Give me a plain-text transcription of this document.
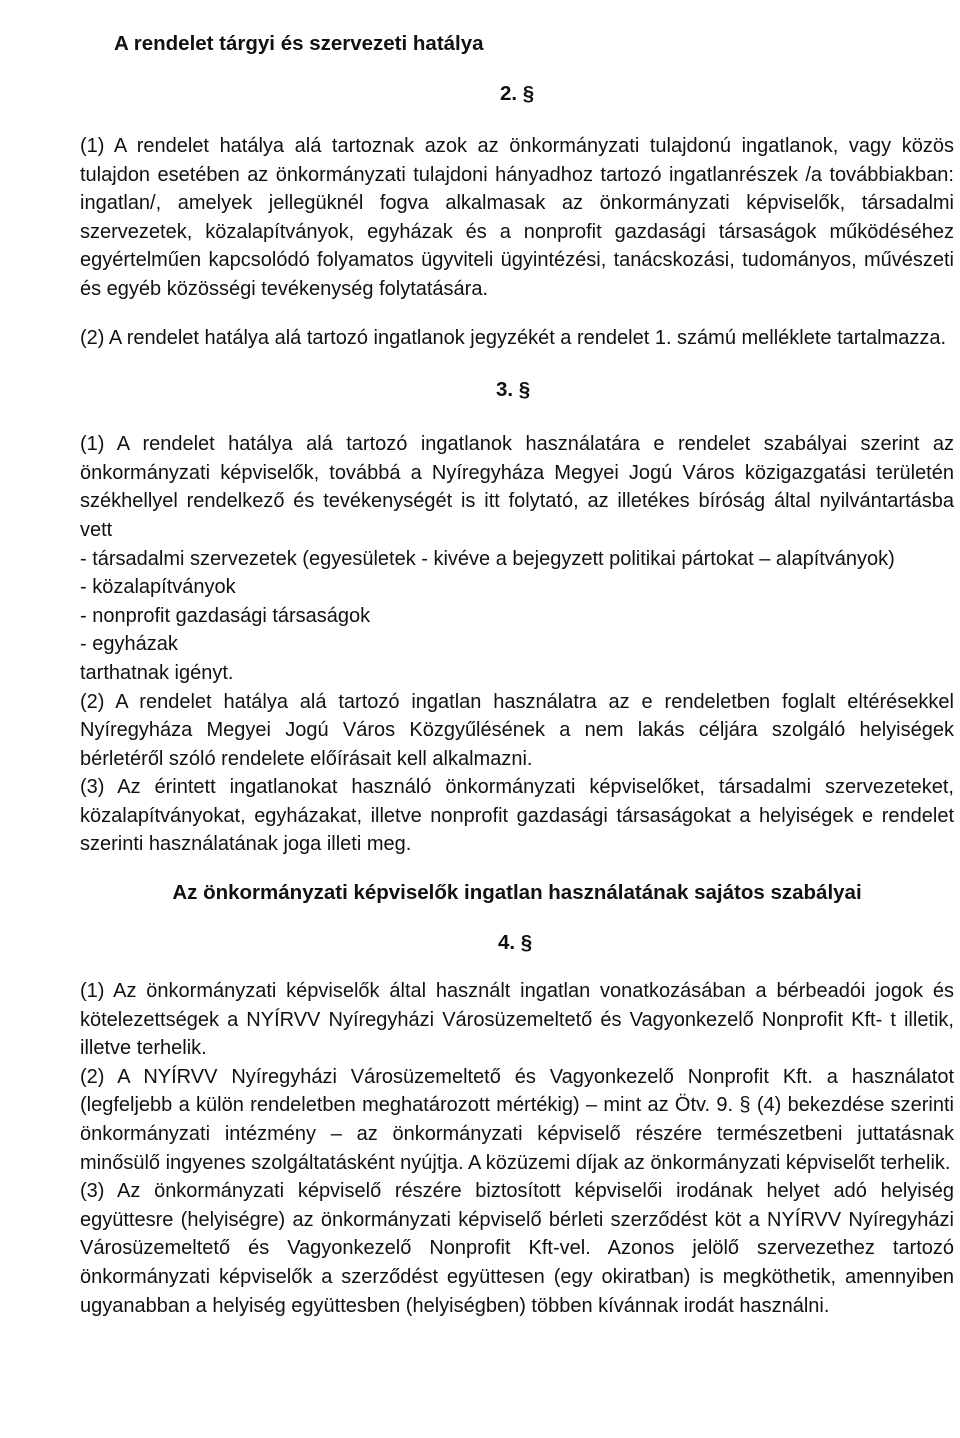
A rendelet tárgyi és szervezeti hatálya
2. §

(1) A rendelet hatálya alá tartoznak azok az önkormányzati tulajdonú ingatlanok, vagy közös tulajdon esetében az önkormányzati tulajdoni hányadhoz tartozó ingatlanrészek /a továbbiakban: ingatlan/, amelyek jellegüknél fogva alkalmasak az önkormányzati képviselők, társadalmi szervezetek, közalapítványok, egyházak és a nonprofit gazdasági társaságok működéséhez egyértelműen kapcsolódó folyamatos ügyviteli ügyintézési, tanácskozási, tudományos, művészeti és egyéb közösségi tevékenység folytatására.

(2) A rendelet hatálya alá tartozó ingatlanok jegyzékét a rendelet 1. számú melléklete tartalmazza.

3. §

(1) A rendelet hatálya alá tartozó ingatlanok használatára e rendelet szabályai szerint az önkormányzati képviselők, továbbá a Nyíregyháza Megyei Jogú Város közigazgatási területén székhellyel rendelkező és tevékenységét is itt folytató, az illetékes bíróság által nyilvántartásba vett

- társadalmi szervezetek (egyesületek - kivéve a bejegyzett politikai pártokat – alapítványok)

- közalapítványok

- nonprofit gazdasági társaságok

- egyházak

tarthatnak igényt.

(2) A rendelet hatálya alá tartozó ingatlan használatra az e rendeletben foglalt eltérésekkel Nyíregyháza Megyei Jogú Város Közgyűlésének a nem lakás céljára szolgáló helyiségek bérletéről szóló rendelete előírásait kell alkalmazni.

(3) Az érintett ingatlanokat használó önkormányzati képviselőket, társadalmi szervezeteket, közalapítványokat, egyházakat, illetve nonprofit gazdasági társaságokat a helyiségek e rendelet szerinti használatának joga illeti meg.

Az önkormányzati képviselők ingatlan használatának sajátos szabályai
4. §

(1) Az önkormányzati képviselők által használt ingatlan vonatkozásában a bérbeadói jogok és kötelezettségek a NYÍRVV Nyíregyházi Városüzemeltető és Vagyonkezelő Nonprofit Kft- t illetik, illetve terhelik.

(2) A NYÍRVV Nyíregyházi Városüzemeltető és Vagyonkezelő Nonprofit Kft. a használatot (legfeljebb a külön rendeletben meghatározott mértékig) – mint az Ötv. 9. § (4) bekezdése szerinti önkormányzati intézmény – az önkormányzati képviselő részére természetbeni juttatásnak minősülő ingyenes szolgáltatásként nyújtja. A közüzemi díjak az önkormányzati képviselőt terhelik.

(3) Az önkormányzati képviselő részére biztosított képviselői irodának helyet adó helyiség együttesre (helyiségre) az önkormányzati képviselő bérleti szerződést köt a NYÍRVV Nyíregyházi Városüzemeltető és Vagyonkezelő Nonprofit Kft-vel. Azonos jelölő szervezethez tartozó önkormányzati képviselők a szerződést együttesen (egy okiratban) is megköthetik, amennyiben ugyanabban a helyiség együttesben (helyiségben) többen kívánnak irodát használni.
